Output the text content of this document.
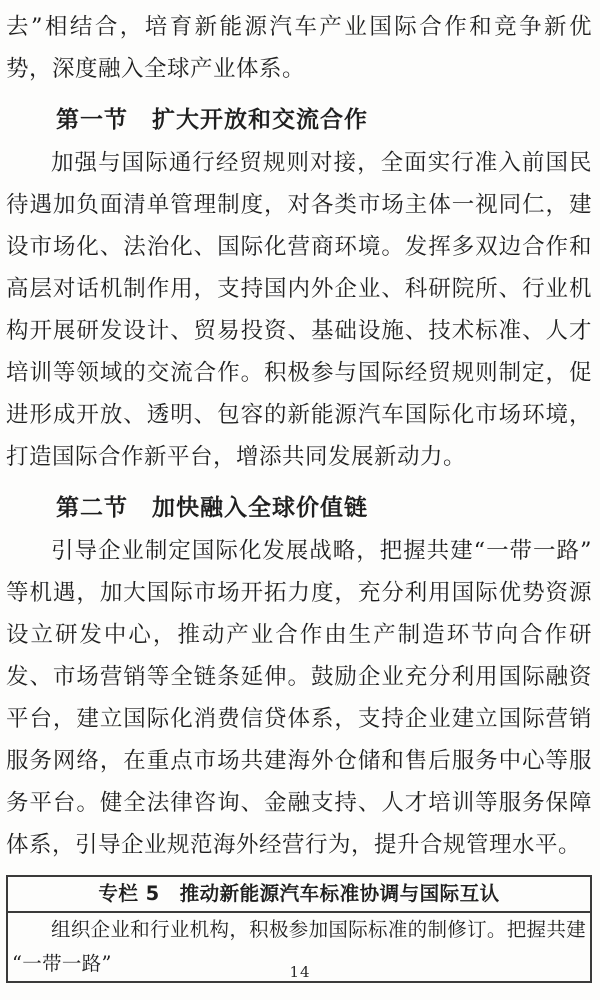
去”相结合，培育新能源汽车产业国际合作和竞争新优势，深度融入全球产业体系。

第一节　扩大开放和交流合作

加强与国际通行经贸规则对接，全面实行准入前国民待遇加负面清单管理制度，对各类市场主体一视同仁，建设市场化、法治化、国际化营商环境。发挥多双边合作和高层对话机制作用，支持国内外企业、科研院所、行业机构开展研发设计、贸易投资、基础设施、技术标准、人才培训等领域的交流合作。积极参与国际经贸规则制定，促进形成开放、透明、包容的新能源汽车国际化市场环境，打造国际合作新平台，增添共同发展新动力。

第二节　加快融入全球价值链

引导企业制定国际化发展战略，把握共建“一带一路”等机遇，加大国际市场开拓力度，充分利用国际优势资源设立研发中心，推动产业合作由生产制造环节向合作研发、市场营销等全链条延伸。鼓励企业充分利用国际融资平台，建立国际化消费信贷体系，支持企业建立国际营销服务网络，在重点市场共建海外仓储和售后服务中心等服务平台。健全法律咨询、金融支持、人才培训等服务保障体系，引导企业规范海外经营行为，提升合规管理水平。

专栏 5　推动新能源汽车标准协调与国际互认
组织企业和行业机构，积极参加国际标准的制修订。把握共建“一带一路”	14
